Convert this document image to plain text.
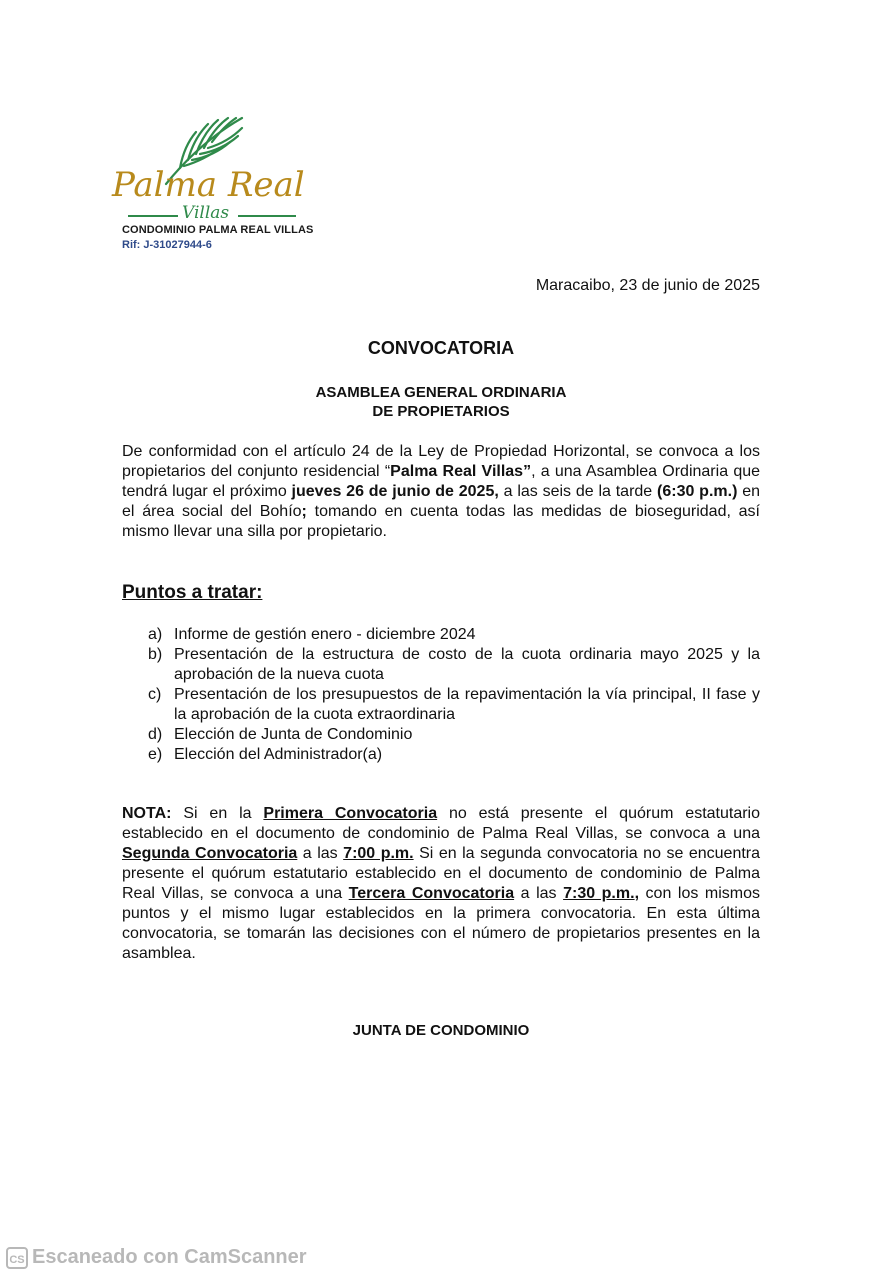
Palma Real
Villas
CONDOMINIO PALMA REAL VILLAS
Rif: J-31027944-6
Maracaibo, 23 de junio de 2025
CONVOCATORIA
ASAMBLEA GENERAL ORDINARIA
DE PROPIETARIOS
De conformidad con el artículo 24 de la Ley de Propiedad Horizontal, se convoca a los propietarios del conjunto residencial “Palma Real Villas”, a una Asamblea Ordinaria que tendrá lugar el próximo jueves 26 de junio de 2025, a las seis de la tarde (6:30 p.m.) en el área social del Bohío; tomando en cuenta todas las medidas de bioseguridad, así mismo llevar una silla por propietario.
Puntos a tratar:
a) Informe de gestión enero - diciembre 2024
b) Presentación de la estructura de costo de la cuota ordinaria mayo 2025 y la aprobación de la nueva cuota
c) Presentación de los presupuestos de la repavimentación la vía principal, II fase y la aprobación de la cuota extraordinaria
d) Elección de Junta de Condominio
e) Elección del Administrador(a)
NOTA: Si en la Primera Convocatoria no está presente el quórum estatutario establecido en el documento de condominio de Palma Real Villas, se convoca a una Segunda Convocatoria a las 7:00 p.m. Si en la segunda convocatoria no se encuentra presente el quórum estatutario establecido en el documento de condominio de Palma Real Villas, se convoca a una Tercera Convocatoria a las 7:30 p.m., con los mismos puntos y el mismo lugar establecidos en la primera convocatoria. En esta última convocatoria, se tomarán las decisiones con el número de propietarios presentes en la asamblea.
JUNTA DE CONDOMINIO
CS Escaneado con CamScanner
